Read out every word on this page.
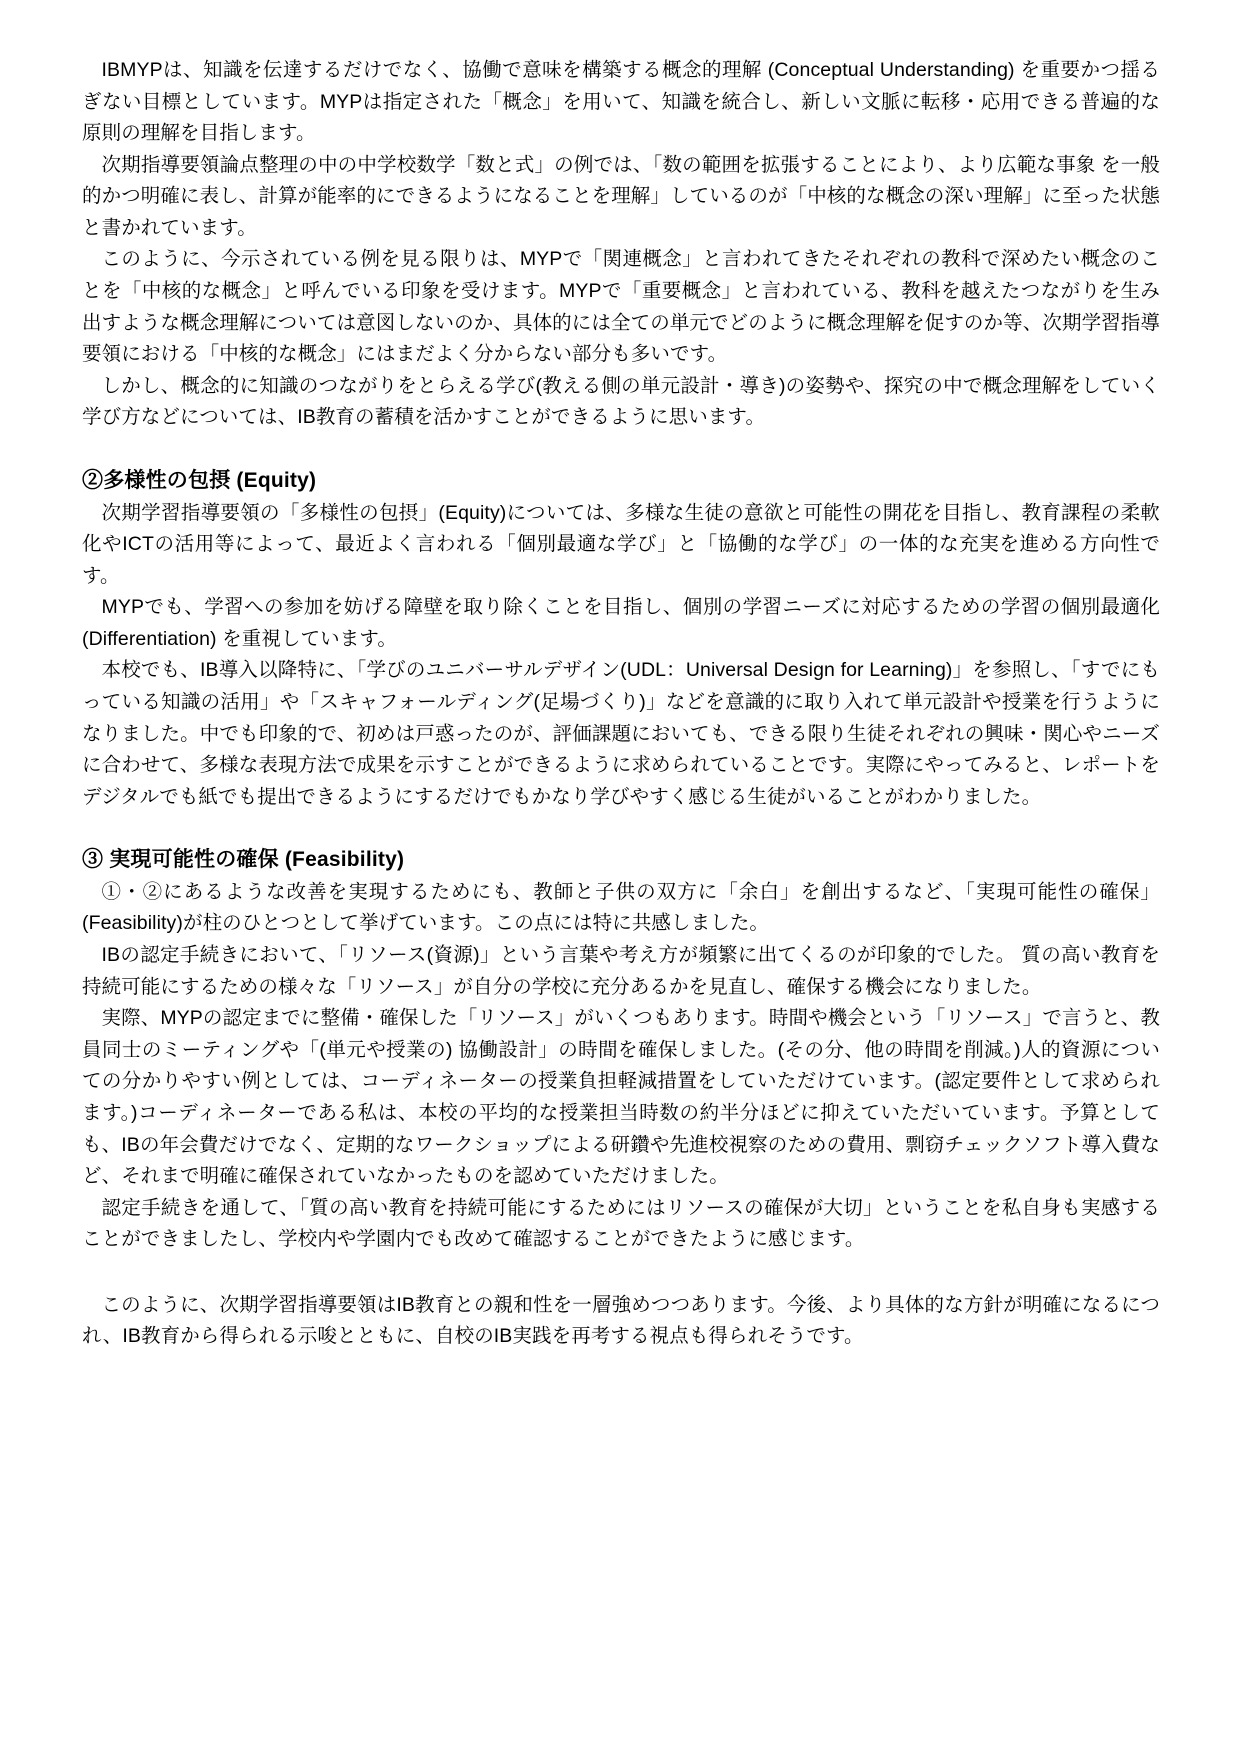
IBMYPは、知識を伝達するだけでなく、協働で意味を構築する概念的理解 (Conceptual Understanding) を重要かつ揺るぎない目標としています。MYPは指定された「概念」を用いて、知識を統合し、新しい文脈に転移・応用できる普遍的な原則の理解を目指します。

次期指導要領論点整理の中の中学校数学「数と式」の例では、「数の範囲を拡張することにより、より広範な事象 を一般的かつ明確に表し、計算が能率的にできるようになることを理解」しているのが「中核的な概念の深い理解」に至った状態と書かれています。

このように、今示されている例を見る限りは、MYPで「関連概念」と言われてきたそれぞれの教科で深めたい概念のことを「中核的な概念」と呼んでいる印象を受けます。MYPで「重要概念」と言われている、教科を越えたつながりを生み出すような概念理解については意図しないのか、具体的には全ての単元でどのように概念理解を促すのか等、次期学習指導要領における「中核的な概念」にはまだよく分からない部分も多いです。

しかし、概念的に知識のつながりをとらえる学び(教える側の単元設計・導き)の姿勢や、探究の中で概念理解をしていく学び方などについては、IB教育の蓄積を活かすことができるように思います。

②多様性の包摂 (Equity)

次期学習指導要領の「多様性の包摂」(Equity)については、多様な生徒の意欲と可能性の開花を目指し、教育課程の柔軟化やICTの活用等によって、最近よく言われる「個別最適な学び」と「協働的な学び」の一体的な充実を進める方向性です。

MYPでも、学習への参加を妨げる障壁を取り除くことを目指し、個別の学習ニーズに対応するための学習の個別最適化 (Differentiation) を重視しています。

本校でも、IB導入以降特に、「学びのユニバーサルデザイン(UDL：Universal Design for Learning)」を参照し、「すでにもっている知識の活用」や「スキャフォールディング(足場づくり)」などを意識的に取り入れて単元設計や授業を行うようになりました。中でも印象的で、初めは戸惑ったのが、評価課題においても、できる限り生徒それぞれの興味・関心やニーズに合わせて、多様な表現方法で成果を示すことができるように求められていることです。実際にやってみると、レポートをデジタルでも紙でも提出できるようにするだけでもかなり学びやすく感じる生徒がいることがわかりました。

③ 実現可能性の確保 (Feasibility)

①・②にあるような改善を実現するためにも、教師と子供の双方に「余白」を創出するなど、「実現可能性の確保」(Feasibility)が柱のひとつとして挙げています。この点には特に共感しました。

IBの認定手続きにおいて、「リソース(資源)」という言葉や考え方が頻繁に出てくるのが印象的でした。 質の高い教育を持続可能にするための様々な「リソース」が自分の学校に充分あるかを見直し、確保する機会になりました。

実際、MYPの認定までに整備・確保した「リソース」がいくつもあります。時間や機会という「リソース」で言うと、教員同士のミーティングや「(単元や授業の) 協働設計」の時間を確保しました。(その分、他の時間を削減。)人的資源についての分かりやすい例としては、コーディネーターの授業負担軽減措置をしていただけています。(認定要件として求められます。)コーディネーターである私は、本校の平均的な授業担当時数の約半分ほどに抑えていただいています。予算としても、IBの年会費だけでなく、定期的なワークショップによる研鑽や先進校視察のための費用、剽窃チェックソフト導入費など、それまで明確に確保されていなかったものを認めていただけました。

認定手続きを通して、「質の高い教育を持続可能にするためにはリソースの確保が大切」ということを私自身も実感することができましたし、学校内や学園内でも改めて確認することができたように感じます。

このように、次期学習指導要領はIB教育との親和性を一層強めつつあります。今後、より具体的な方針が明確になるにつれ、IB教育から得られる示唆とともに、自校のIB実践を再考する視点も得られそうです。
